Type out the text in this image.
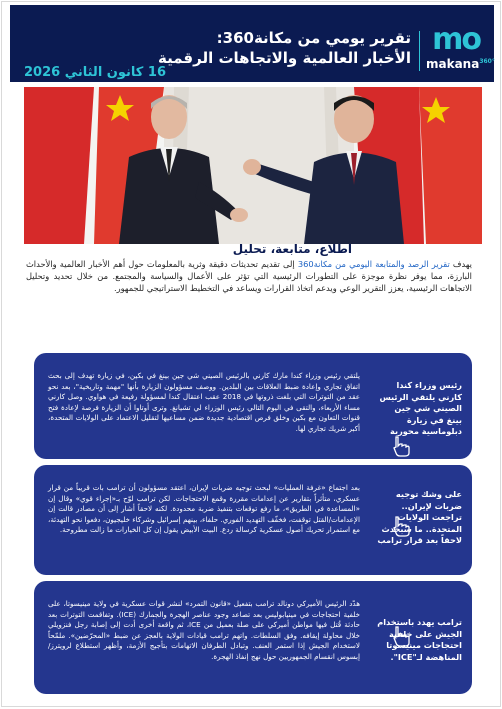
mo
makana$^{360^\circ}$
تقرير يومي من مكانة360:
الأخبار العالمية والاتجاهات الرقمية
16 كانون الثاني 2026
اطلاع، متابعة، تحليل
يهدف تقرير الرصد والمتابعة اليومي من مكانة360 إلى تقديم تحديثات دقيقة وثرية بالمعلومات حول أهم الأخبار العالمية والأحداث البارزة، مما يوفر نظرة موجزة على التطورات الرئيسية التي تؤثر على الأعمال والسياسة والمجتمع. من خلال تحديد وتحليل الاتجاهات الرئيسية، يعزز التقرير الوعي ويدعم اتخاذ القرارات ويساعد في التخطيط الاستراتيجي للجمهور.
رئيس وزراء كندا كارني يلتقي الرئيس الصيني شي جين بينغ في زيارة دبلوماسية محورية
يلتقي رئيس وزراء كندا مارك كارني بالرئيس الصيني شي جين بينغ في بكين، في زيارة تهدف إلى بحث اتفاق تجاري وإعادة ضبط العلاقات بين البلدين. ووصف مسؤولون الزيارة بأنها "مهمة وتاريخية"، بعد نحو عقد من التوترات التي بلغت ذروتها في 2018 عقب اعتقال كندا لمسؤولة رفيعة في هواوي. وصل كارني مساء الأربعاء، والتقى في اليوم التالي رئيس الوزراء لي تشيانغ. وترى أوتاوا أن الزيارة فرصة لإعادة فتح قنوات التعاون مع بكين وخلق فرص اقتصادية جديدة ضمن مساعيها لتقليل الاعتماد على الولايات المتحدة، أكبر شريك تجاري لها.
على وشك توجيه ضربات لإيران.. تراجعت الولايات المتحدة.. ما سبحدث لاحقاً بعد قرار ترامب
بعد اجتماع «غرفة العمليات» لبحث توجيه ضربات لإيران، اعتقد مسؤولون أن ترامب بات قريباً من قرار عسكري، متأثراً بتقارير عن إعدامات مقررة وقمع الاحتجاجات. لكن ترامب لوّح بـ«إجراء قوي» وقال إن «المساعدة في الطريق»، ما رفع توقعات بتنفيذ ضربة محدودة. لكنه لاحقاً أشار إلى أن مصادر قالت إن الإعدامات/القتل توقفت، فخفّف التهديد الفوري. حلفاء، بينهم إسرائيل وشركاء خليجيون، دفعوا نحو التهدئة، مع استمرار تحريك أصول عسكرية كرسالة ردع. البيت الأبيض يقول إن كل الخيارات ما زالت مطروحة.
ترامب يهدد باستخدام الجيش على خلفية احتجاجات مينيسوتا المناهضة لـ"ICE".
هدّد الرئيس الأميركي دونالد ترامب بتفعيل «قانون التمرد» لنشر قوات عسكرية في ولاية مينيسوتا، على خلفية احتجاجات في مينيابوليس بعد تصاعد وجود عناصر الهجرة والجمارك (ICE). وتفاقمت التوترات بعد حادثة قُتل فيها مواطن أميركي على صلة بعميل من ICE، ثم واقعة أخرى أدت إلى إصابة رجل فنزويلي خلال محاولة إيقافه. وفق السلطات. واتهم ترامب قيادات الولاية بالعجز عن ضبط «المحرّضين». ملمّحاً لاستخدام الجيش إذا استمر العنف. وتبادل الطرفان الاتهامات بتأجيج الأزمة، وأظهر استطلاع لرويترز/إبسوس انقسام الجمهوريين حول نهج إنفاذ الهجرة.
